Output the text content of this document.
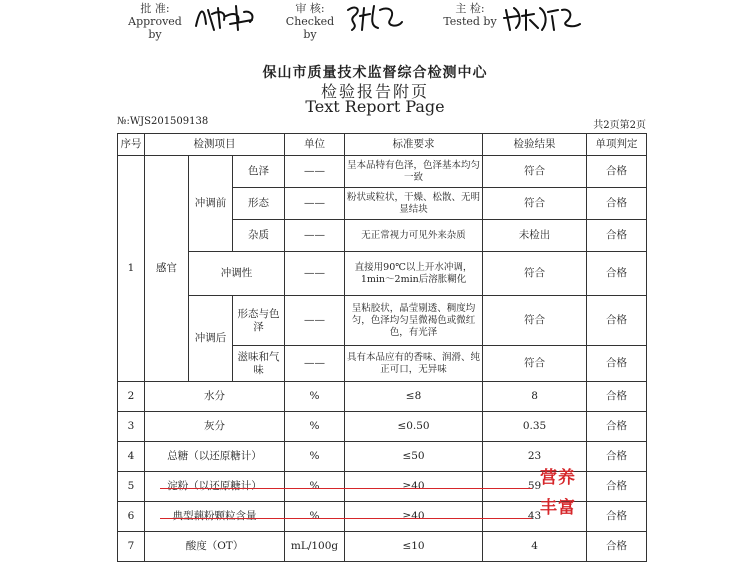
批 准:
Approved by
审 核:
Checked by
主 检:
Tested by
保山市质量技术监督综合检测中心
检验报告附页
Text Report Page
№:WJS201509138	共2页第2页
序号	检测项目			单位	标准要求	检验结果	单项判定
1	感官	冲调前	色泽	——	呈本品特有色泽，色泽基本均匀一致	符合	合格
			形态	——	粉状或粒状，干燥、松散、无明显结块	符合	合格
			杂质	——	无正常视力可见外来杂质	未检出	合格
		冲调性		——	直接用90℃以上开水冲调，1min～2min后溶胀糊化	符合	合格
		冲调后	形态与色泽	——	呈粘胶状，晶莹剔透、稠度均匀，色泽均匀呈微褐色或微红色，有光泽	符合	合格
			滋味和气味	——	具有本品应有的香味、润滑、纯正可口，无异味	符合	合格
2	水分			%	≤8	8	合格
3	灰分			%	≤0.50	0.35	合格
4	总糖（以还原糖计）			%	≤50	23	合格
5	淀粉（以还原糖计）			%	≥40	59	合格
6	典型藕粉颗粒含量			%	≥40	43	合格
7	酸度（OT）			mL/100g	≤10	4	合格
营养
丰富
